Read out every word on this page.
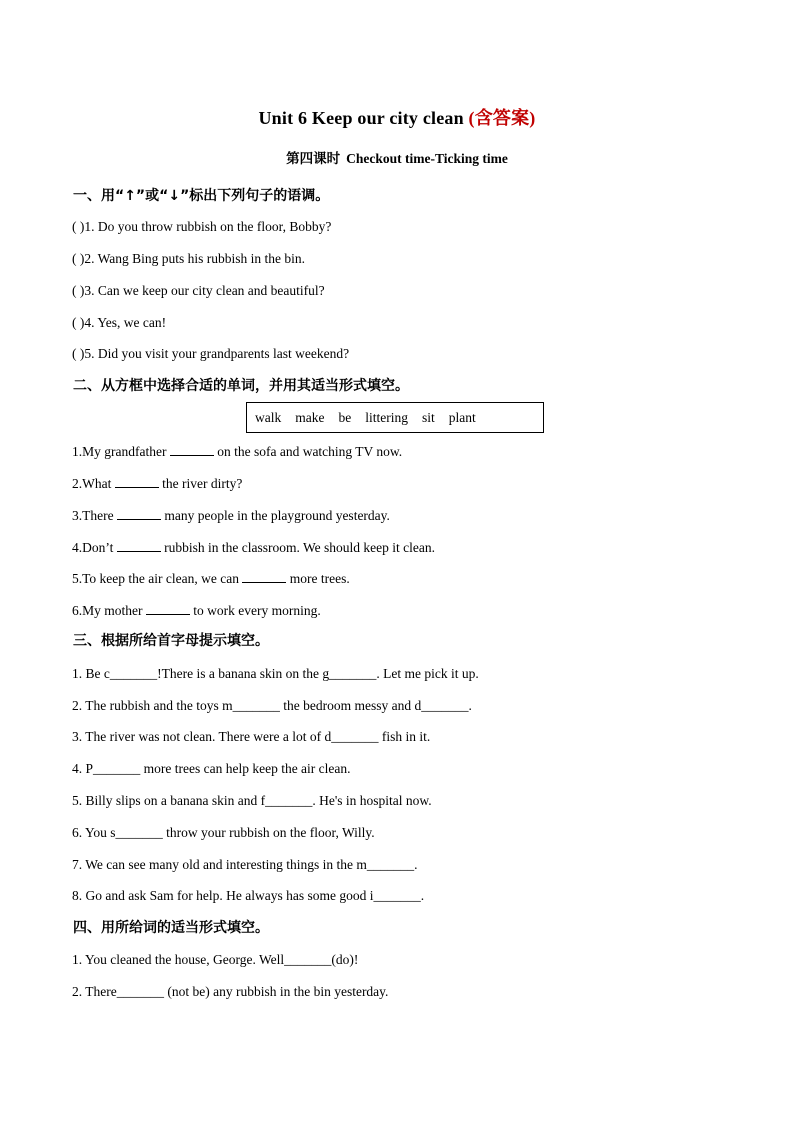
Unit 6 Keep our city clean (含答案)
第四课时 Checkout time-Ticking time
一、用“↑”或“↓”标出下列句子的语调。
( )1. Do you throw rubbish on the floor, Bobby?
( )2. Wang Bing puts his rubbish in the bin.
( )3. Can we keep our city clean and beautiful?
( )4. Yes, we can!
( )5. Did you visit your grandparents last weekend?
二、从方框中选择合适的单词，并用其适当形式填空。
walk make be littering sit plant
1.My grandfather	on the sofa and watching TV now.
2.What	the river dirty?
3.There	many people in the playground yesterday.
4.Don’t	rubbish in the classroom. We should keep it clean.
5.To keep the air clean, we can	more trees.
6.My mother	to work every morning.
三、根据所给首字母提示填空。
1. Be c_______!There is a banana skin on the g_______. Let me pick it up.
2. The rubbish and the toys m_______ the bedroom messy and d_______.
3. The river was not clean. There were a lot of d_______ fish in it.
4. P_______ more trees can help keep the air clean.
5. Billy slips on a banana skin and f_______. He's in hospital now.
6. You s_______ throw your rubbish on the floor, Willy.
7. We can see many old and interesting things in the m_______.
8. Go and ask Sam for help. He always has some good i_______.
四、用所给词的适当形式填空。
1. You cleaned the house, George. Well_______(do)!
2. There_______ (not be) any rubbish in the bin yesterday.
